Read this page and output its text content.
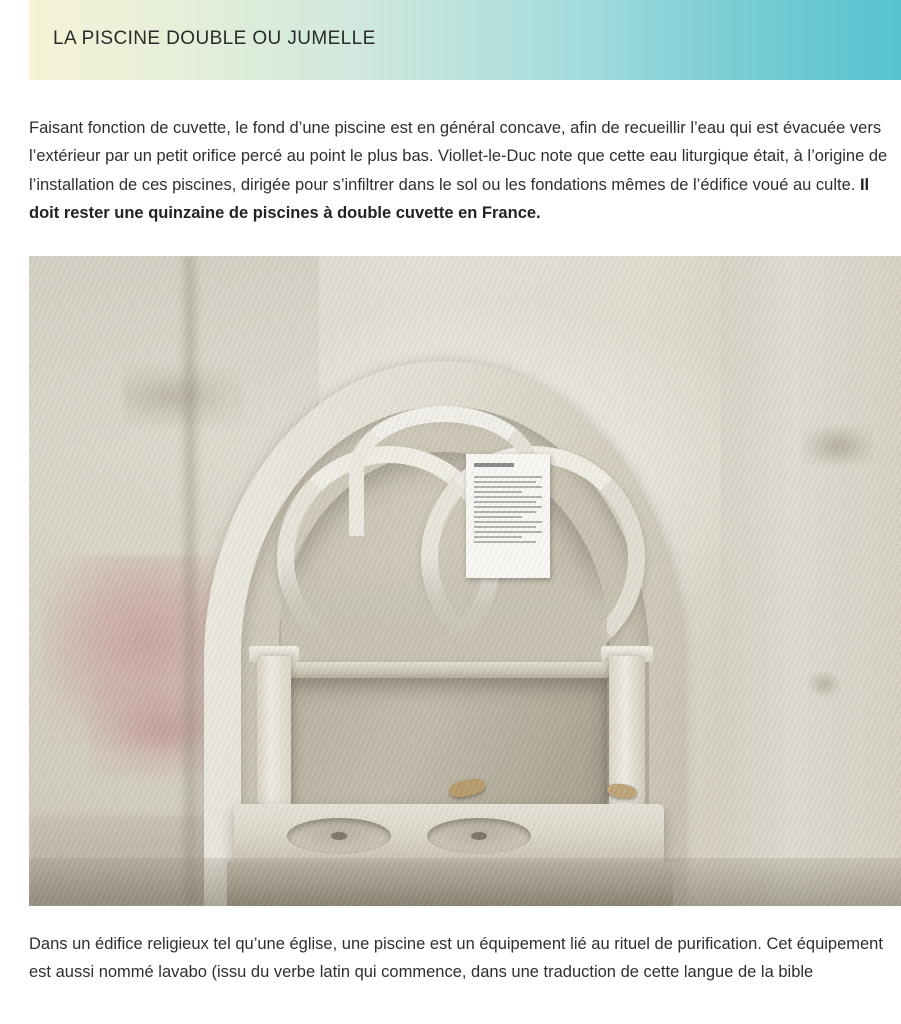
LA PISCINE DOUBLE OU JUMELLE

Faisant fonction de cuvette, le fond d’une piscine est en général concave, afin de recueillir l’eau qui est évacuée vers l’extérieur par un petit orifice percé au point le plus bas. Viollet-le-Duc note que cette eau liturgique était, à l’origine de l’installation de ces piscines, dirigée pour s’infiltrer dans le sol ou les fondations mêmes de l’édifice voué au culte. Il doit rester une quinzaine de piscines à double cuvette en France.

Dans un édifice religieux tel qu’une église, une piscine est un équipement lié au rituel de purification. Cet équipement est aussi nommé lavabo (issu du verbe latin qui commence, dans une traduction de cette langue de la bible
